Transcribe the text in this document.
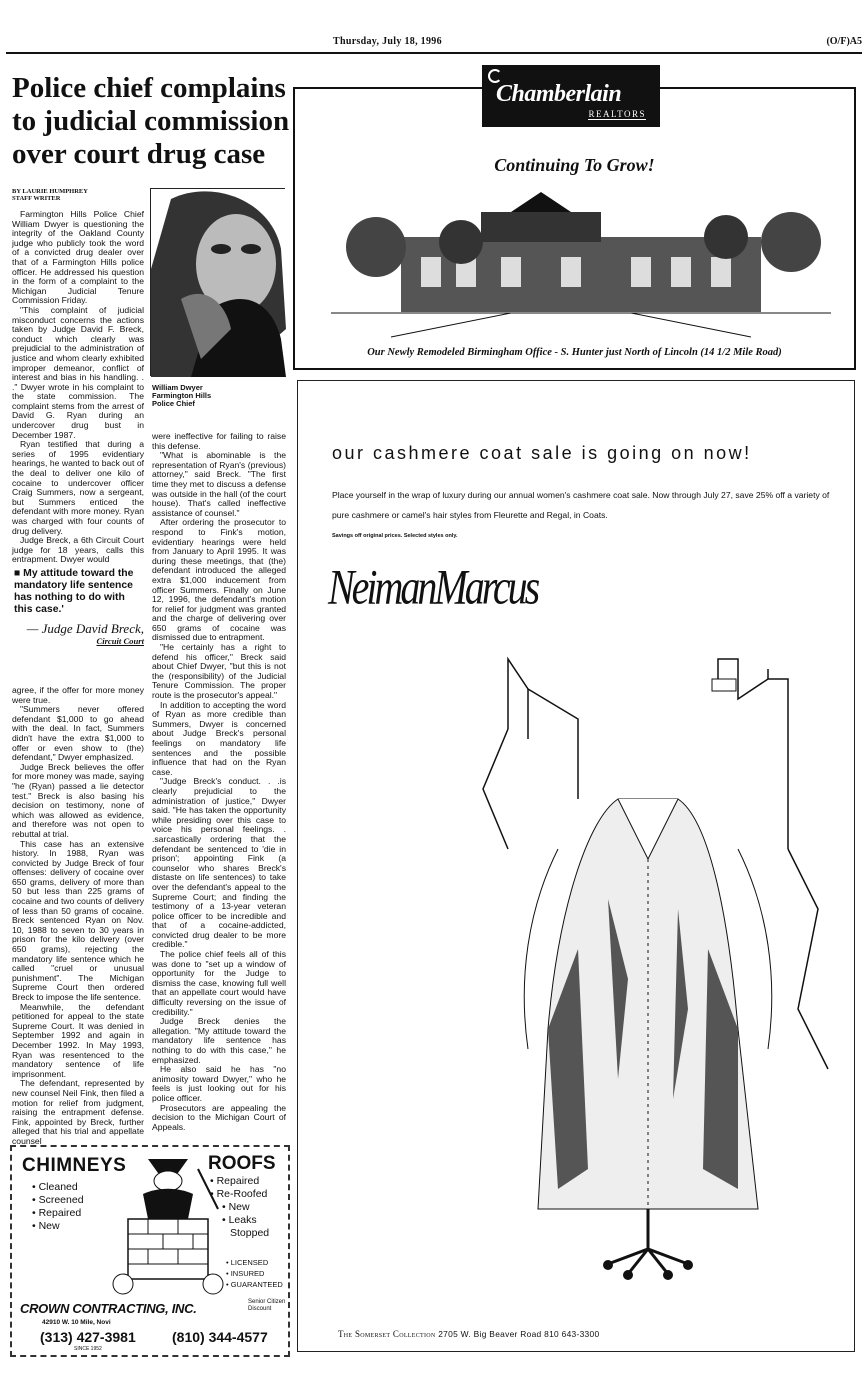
Thursday, July 18, 1996	(O/F)A5
Police chief complains to judicial commission over court drug case
BY LAURIE HUMPHREY
STAFF WRITER
William Dwyer
Farmington Hills
Police Chief

Farmington Hills Police Chief William Dwyer is questioning the integrity of the Oakland County judge who publicly took the word of a convicted drug dealer over that of a Farmington Hills police officer. He addressed his question in the form of a complaint to the Michigan Judicial Tenure Commission Friday.

"This complaint of judicial misconduct concerns the actions taken by Judge David F. Breck, conduct which clearly was prejudicial to the administration of justice and whom clearly exhibited improper demeanor, conflict of interest and bias in his handling. . ." Dwyer wrote in his complaint to the state commission. The complaint stems from the arrest of David G. Ryan during an undercover drug bust in December 1987.

Ryan testified that during a series of 1995 evidentiary hearings, he wanted to back out of the deal to deliver one kilo of cocaine to undercover officer Craig Summers, now a sergeant, but Summers enticed the defendant with more money. Ryan was charged with four counts of drug delivery.

Judge Breck, a 6th Circuit Court judge for 18 years, calls this entrapment. Dwyer would

■ My attitude toward the mandatory life sentence has nothing to do with this case.'
— Judge David Breck,
Circuit Court

agree, if the offer for more money were true.

"Summers never offered defendant $1,000 to go ahead with the deal. In fact, Summers didn't have the extra $1,000 to offer or even show to (the) defendant," Dwyer emphasized.

Judge Breck believes the offer for more money was made, saying "he (Ryan) passed a lie detector test." Breck is also basing his decision on testimony, none of which was allowed as evidence, and therefore was not open to rebuttal at trial.

This case has an extensive history. In 1988, Ryan was convicted by Judge Breck of four offenses: delivery of cocaine over 650 grams, delivery of more than 50 but less than 225 grams of cocaine and two counts of delivery of less than 50 grams of cocaine. Breck sentenced Ryan on Nov. 10, 1988 to seven to 30 years in prison for the kilo delivery (over 650 grams), rejecting the mandatory life sentence which he called "cruel or unusual punishment". The Michigan Supreme Court then ordered Breck to impose the life sentence.

Meanwhile, the defendant petitioned for appeal to the state Supreme Court. It was denied in September 1992 and again in December 1992. In May 1993, Ryan was resentenced to the mandatory sentence of life imprisonment.

The defendant, represented by new counsel Neil Fink, then filed a motion for relief from judgment, raising the entrapment defense. Fink, appointed by Breck, further alleged that his trial and appellate counsel

were ineffective for failing to raise this defense.

"What is abominable is the representation of Ryan's (previous) attorney," said Breck. "The first time they met to discuss a defense was outside in the hall (of the court house). That's called ineffective assistance of counsel."

After ordering the prosecutor to respond to Fink's motion, evidentiary hearings were held from January to April 1995. It was during these meetings, that (the) defendant introduced the alleged extra $1,000 inducement from officer Summers. Finally on June 12, 1996, the defendant's motion for relief for judgment was granted and the charge of delivering over 650 grams of cocaine was dismissed due to entrapment.

"He certainly has a right to defend his officer," Breck said about Chief Dwyer, "but this is not the (responsibility) of the Judicial Tenure Commission. The proper route is the prosecutor's appeal."

In addition to accepting the word of Ryan as more credible than Summers, Dwyer is concerned about Judge Breck's personal feelings on mandatory life sentences and the possible influence that had on the Ryan case.

"Judge Breck's conduct. . .is clearly prejudicial to the administration of justice," Dwyer said. "He has taken the opportunity while presiding over this case to voice his personal feelings. . .sarcastically ordering that the defendant be sentenced to 'die in prison'; appointing Fink (a counselor who shares Breck's distaste on life sentences) to take over the defendant's appeal to the Supreme Court; and finding the testimony of a 13-year veteran police officer to be incredible and that of a cocaine-addicted, convicted drug dealer to be more credible."

The police chief feels all of this was done to "set up a window of opportunity for the Judge to dismiss the case, knowing full well that an appellate court would have difficulty reversing on the issue of credibility."

Judge Breck denies the allegation. "My attitude toward the mandatory life sentence has nothing to do with this case," he emphasized.

He also said he has "no animosity toward Dwyer," who he feels is just looking out for his police officer.

Prosecutors are appealing the decision to the Michigan Court of Appeals.

CHIMNEYS	ROOFS
• Cleaned
• Screened
• Repaired
• New
• Repaired
• Re-Roofed
• New
• Leaks
Stopped
• LICENSED
• INSURED
• GUARANTEED
Senior Citizen Discount
CROWN CONTRACTING, INC.
42910 W. 10 Mile, Novi
(313) 427-3981	(810) 344-4577
SINCE 1952
Chamberlain
REALTORS
Continuing To Grow!
Our Newly Remodeled Birmingham Office - S. Hunter just North of Lincoln (14 1/2 Mile Road)
our cashmere coat sale is going on now!
Place yourself in the wrap of luxury during our annual women's cashmere coat sale. Now through July 27, save 25% off a variety of pure cashmere or camel's hair styles from Fleurette and Regal, in Coats.
Savings off original prices. Selected styles only.
NeimanMarcus
The Somerset Collection 2705 W. Big Beaver Road 810 643-3300
